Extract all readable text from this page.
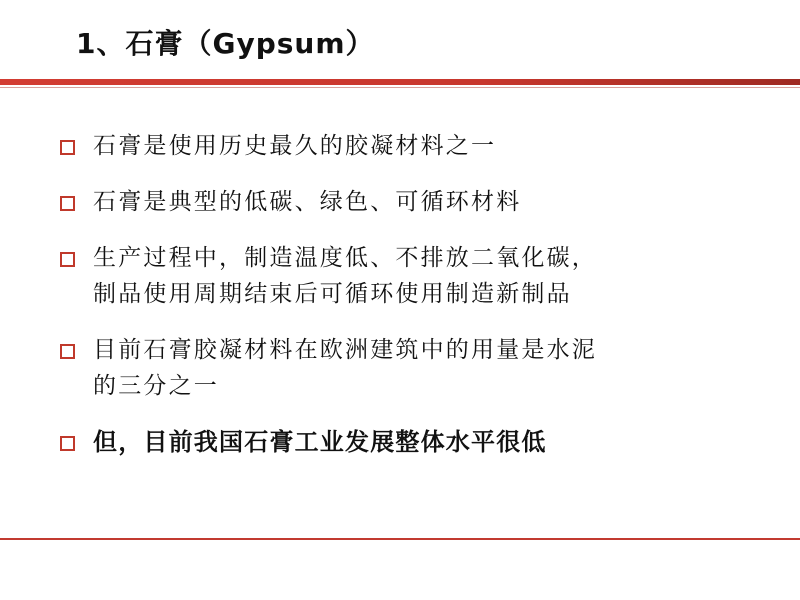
1、石膏（Gypsum）
石膏是使用历史最久的胶凝材料之一
石膏是典型的低碳、绿色、可循环材料
生产过程中，制造温度低、不排放二氧化碳，
制品使用周期结束后可循环使用制造新制品
目前石膏胶凝材料在欧洲建筑中的用量是水泥
的三分之一
但，目前我国石膏工业发展整体水平很低
